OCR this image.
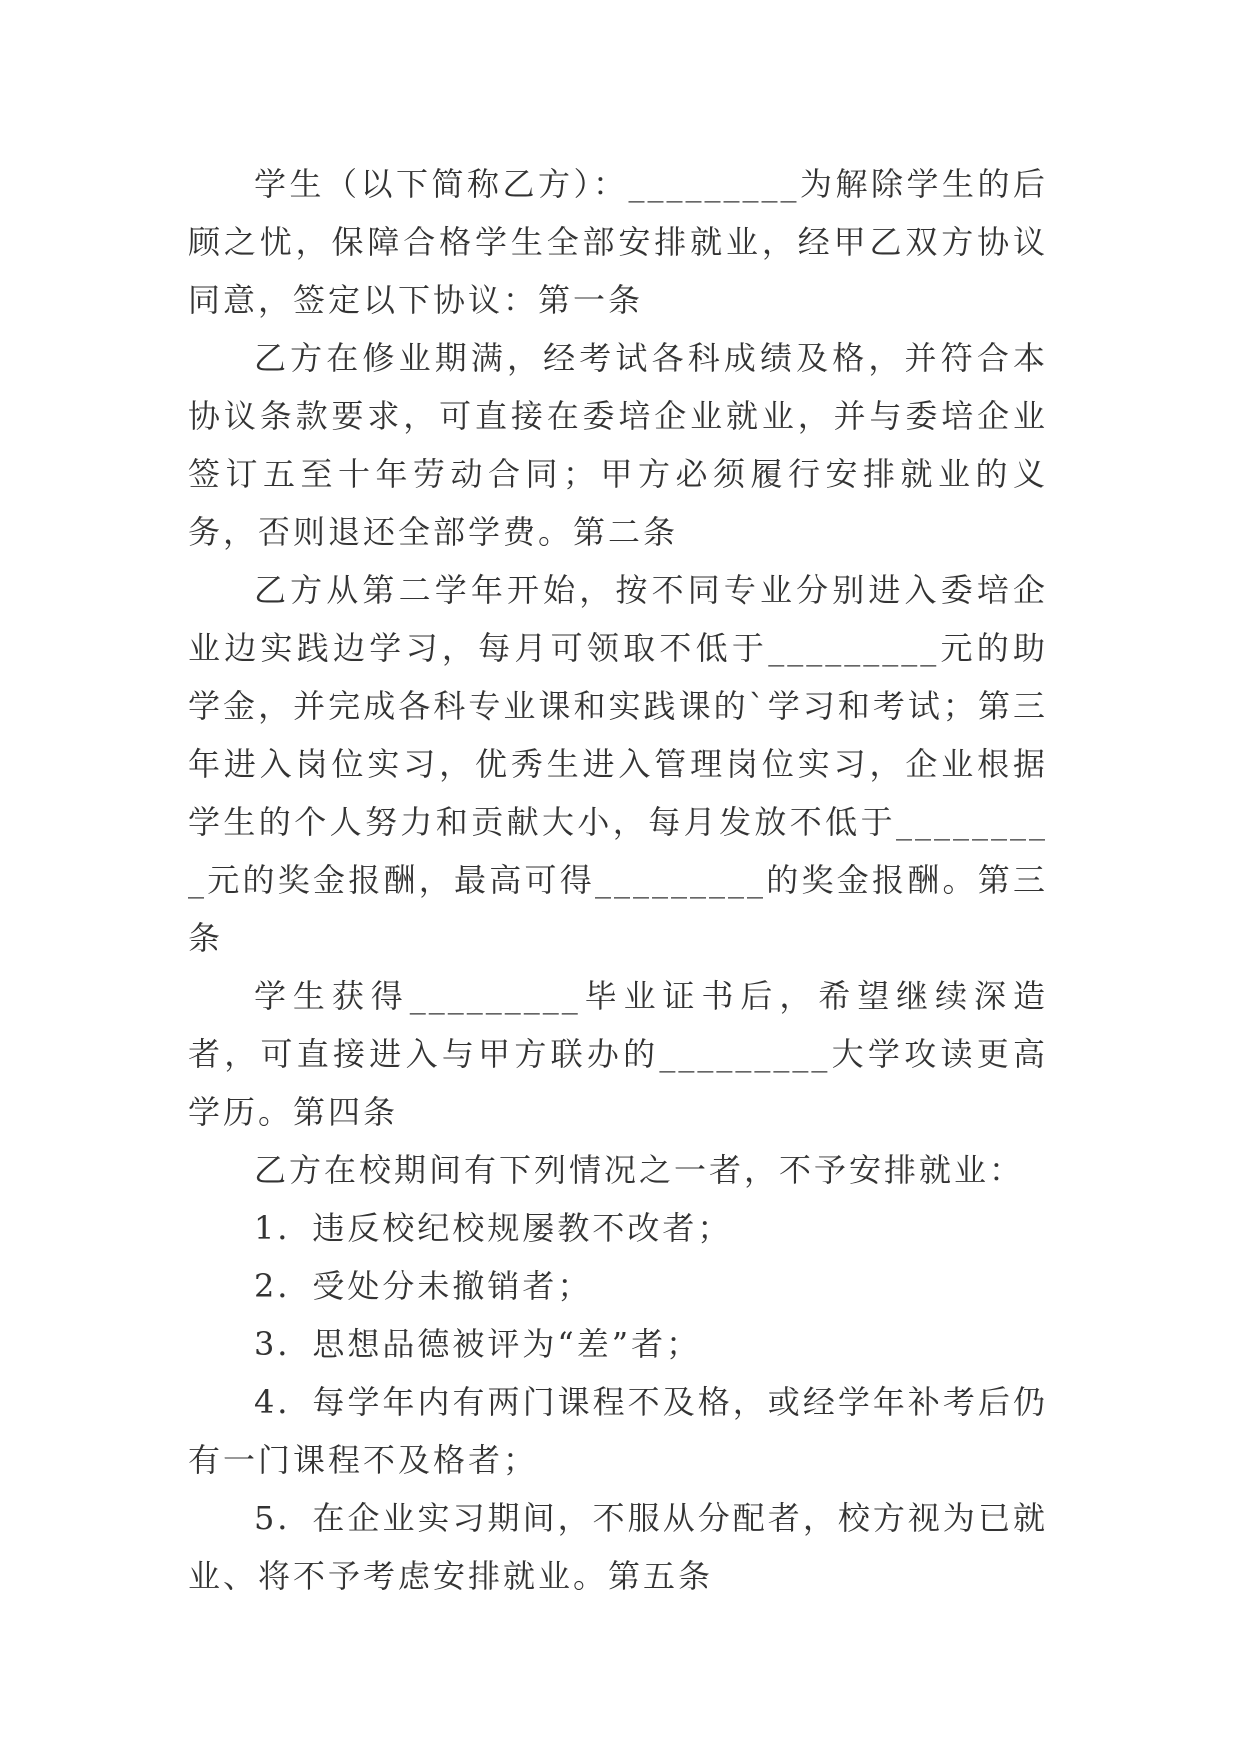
学生（以下简称乙方）：_________为解除学生的后顾之忧，保障合格学生全部安排就业，经甲乙双方协议同意，签定以下协议：第一条

乙方在修业期满，经考试各科成绩及格，并符合本协议条款要求，可直接在委培企业就业，并与委培企业签订五至十年劳动合同；甲方必须履行安排就业的义务，否则退还全部学费。第二条

乙方从第二学年开始，按不同专业分别进入委培企业边实践边学习，每月可领取不低于_________元的助学金，并完成各科专业课和实践课的`学习和考试；第三年进入岗位实习，优秀生进入管理岗位实习，企业根据学生的个人努力和贡献大小，每月发放不低于_________元的奖金报酬，最高可得_________的奖金报酬。第三条

学生获得_________毕业证书后，希望继续深造者，可直接进入与甲方联办的_________大学攻读更高学历。第四条

乙方在校期间有下列情况之一者，不予安排就业：

1．违反校纪校规屡教不改者；

2．受处分未撤销者；

3．思想品德被评为“差”者；

4．每学年内有两门课程不及格，或经学年补考后仍有一门课程不及格者；

5．在企业实习期间，不服从分配者，校方视为已就业、将不予考虑安排就业。第五条
